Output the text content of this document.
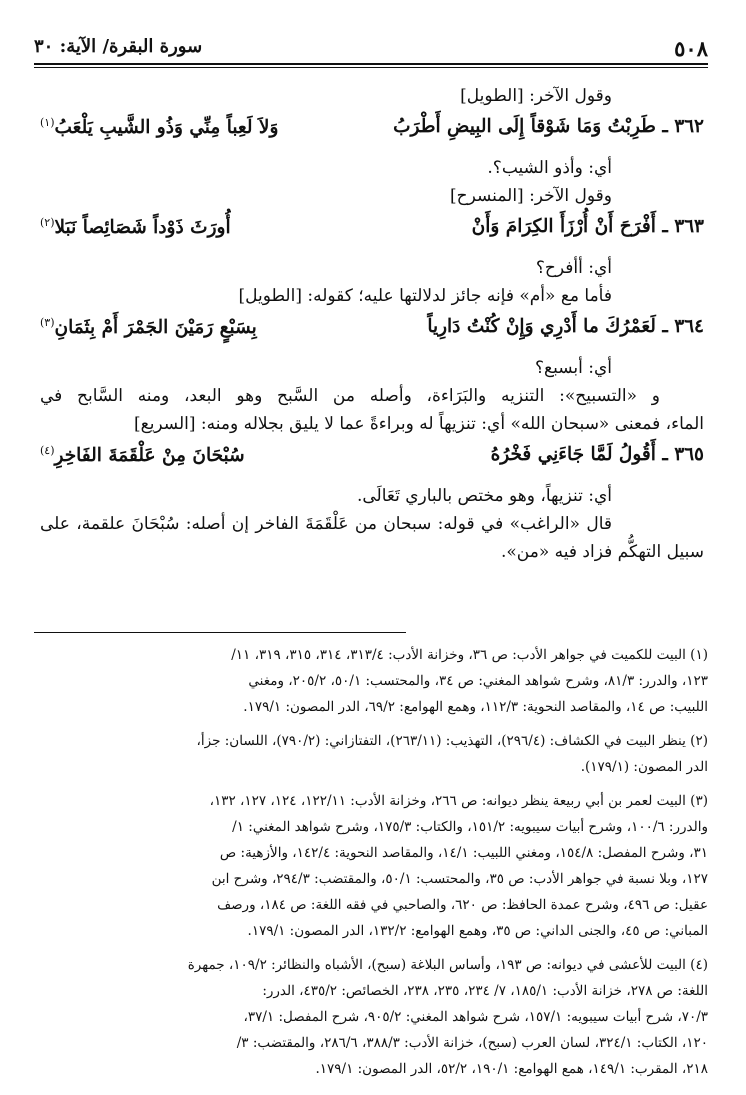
٥٠٨
سورة البقرة/ الآية: ٣٠
وقول الآخر: [الطويل]
٣٦٢ ـ طَرِبْتُ وَمَا شَوْقاً إِلَى البِيضِ أَطْرَبُ
وَلاَ لَعِباً مِنِّي وَذُو الشَّيبِ يَلْعَبُ$^{(١)}$
أي: وأذو الشيب؟.
وقول الآخر: [المنسرح]
٣٦٣ ـ أَفْرَحَ أَنْ أُرْزَأَ الكِرَامَ وَأَنْ
أُورَثَ ذَوْداً شَصَائِصاً نَبَلا$^{(٢)}$
أي: أأفرح؟
فأما مع «أم» فإنه جائز لدلالتها عليه؛ كقوله: [الطويل]
٣٦٤ ـ لَعَمْرُكَ ما أَدْرِي وَإِنْ كُنْتُ دَارِياً
بِسَبْعٍ رَمَيْنَ الجَمْرَ أَمْ بِثَمَانِ$^{(٣)}$
أي: أبسبع؟
و «التسبيح»: التنزيه والبَرَاءة، وأصله من السَّبح وهو البعد، ومنه السَّابح في
الماء، فمعنى «سبحان الله» أي: تنزيهاً له وبراءةً عما لا يليق بجلاله ومنه: [السريع]
٣٦٥ ـ أَقُولُ لَمَّا جَاءَنِي فَخْرُهُ
سُبْحَانَ مِنْ عَلْقَمَةَ الفَاخِرِ$^{(٤)}$
أي: تنزيهاً، وهو مختص بالباري تَعَالَى.
قال «الراغب» في قوله: سبحان من عَلْقَمَةَ الفاخر إن أصله: سُبْحَانَ علقمة، على
سبيل التهكُّم فزاد فيه «من».
(١) البيت للكميت في جواهر الأدب: ص ٣٦، وخزانة الأدب: ٣١٣/٤، ٣١٤، ٣١٥، ٣١٩، ١١/
١٢٣، والدرر: ٨١/٣، وشرح شواهد المغني: ص ٣٤، والمحتسب: ٥٠/١، ٢٠٥/٢، ومغني
اللبيب: ص ١٤، والمقاصد النحوية: ١١٢/٣، وهمع الهوامع: ٦٩/٢، الدر المصون: ١٧٩/١.
(٢) ينظر البيت في الكشاف: (٢٩٦/٤)، التهذيب: (٢٦٣/١١)، التفتازاني: (٧٩٠/٢)، اللسان: جزأ،
الدر المصون: (١٧٩/١).
(٣) البيت لعمر بن أبي ربيعة ينظر ديوانه: ص ٢٦٦، وخزانة الأدب: ١٢٢/١١، ١٢٤، ١٢٧، ١٣٢،
والدرر: ١٠٠/٦، وشرح أبيات سيبويه: ١٥١/٢، والكتاب: ١٧٥/٣، وشرح شواهد المغني: ١/
٣١، وشرح المفصل: ١٥٤/٨، ومغني اللبيب: ١٤/١، والمقاصد النحوية: ١٤٢/٤، والأزهية: ص
١٢٧، وبلا نسبة في جواهر الأدب: ص ٣٥، والمحتسب: ٥٠/١، والمقتضب: ٢٩٤/٣، وشرح ابن
عقيل: ص ٤٩٦، وشرح عمدة الحافظ: ص ٦٢٠، والصاحبي في فقه اللغة: ص ١٨٤، ورصف
المباني: ص ٤٥، والجنى الداني: ص ٣٥، وهمع الهوامع: ١٣٢/٢، الدر المصون: ١٧٩/١.
(٤) البيت للأعشى في ديوانه: ص ١٩٣، وأساس البلاغة (سبح)، الأشباه والنظائر: ١٠٩/٢، جمهرة
اللغة: ص ٢٧٨، خزانة الأدب: ١٨٥/١، ٧/ ٢٣٤، ٢٣٥، ٢٣٨، الخصائص: ٤٣٥/٢، الدرر:
٧٠/٣، شرح أبيات سيبويه: ١٥٧/١، شرح شواهد المغني: ٩٠٥/٢، شرح المفصل: ٣٧/١،
١٢٠، الكتاب: ٣٢٤/١، لسان العرب (سبح)، خزانة الأدب: ٣٨٨/٣، ٢٨٦/٦، والمقتضب: ٣/
٢١٨، المقرب: ١٤٩/١، همع الهوامع: ١٩٠/١، ٥٢/٢، الدر المصون: ١٧٩/١.
